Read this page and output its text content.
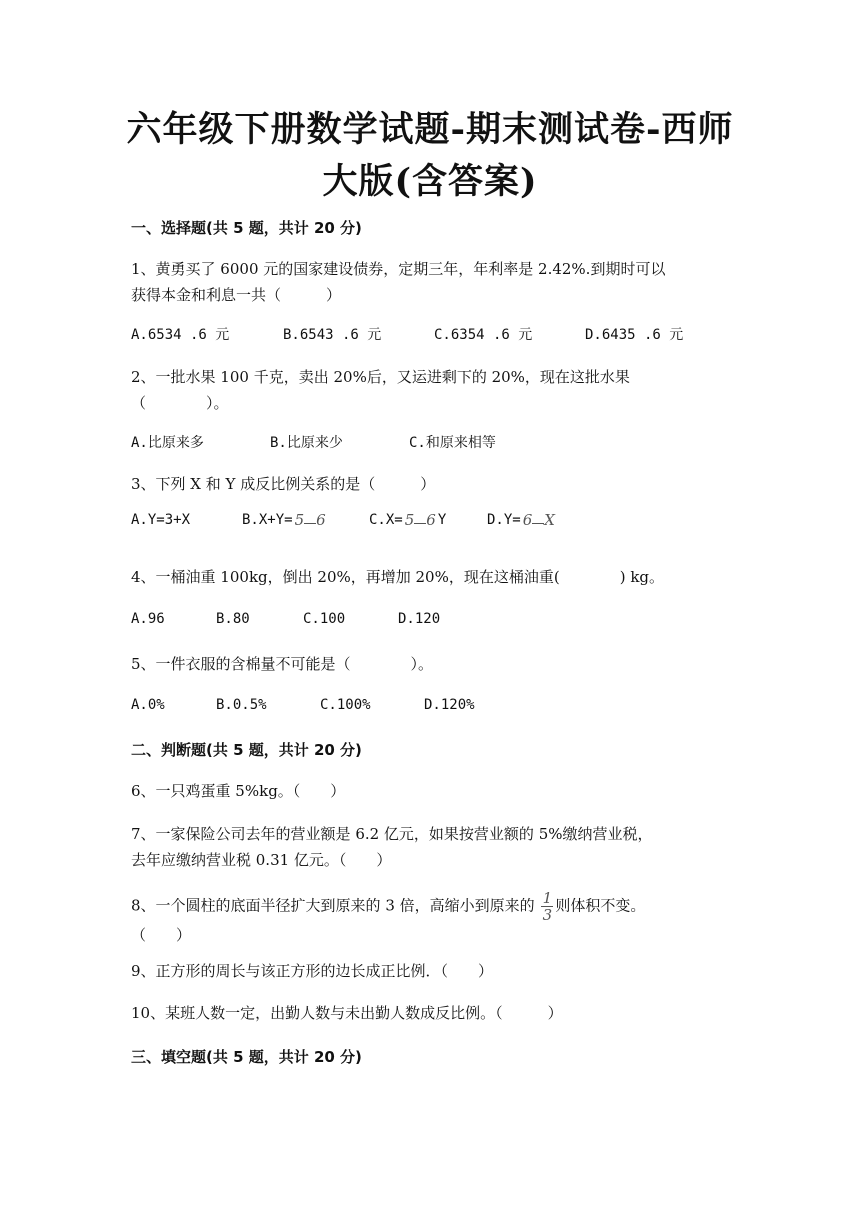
六年级下册数学试题-期末测试卷-西师
大版(含答案)
一、选择题(共 5 题，共计 20 分)
1、黄勇买了 6000 元的国家建设债券，定期三年，年利率是 2.42%.到期时可以
获得本金和利息一共（　　　）
A.6534 .6 元	B.6543 .6 元	C.6354 .6 元	D.6435 .6 元
2、一批水果 100 千克，卖出 20%后，又运进剩下的 20%，现在这批水果
（　　　　）。
A.比原来多	B.比原来少	C.和原来相等
3、下列 X 和 Y 成反比例关系的是（　　　）
A.Y=3+X	B.X+Y= 5 6	C.X= 5 6 Y	D.Y= 6 X
4、一桶油重 100kg，倒出 20%，再增加 20%，现在这桶油重(　　　　) kg。
A.96	B.80	C.100	D.120
5、一件衣服的含棉量不可能是（　　　　）。
A.0%	B.0.5%	C.100%	D.120%
二、判断题(共 5 题，共计 20 分)
6、一只鸡蛋重 5%kg。（　　）
7、一家保险公司去年的营业额是 6.2 亿元，如果按营业额的 5%缴纳营业税，
去年应缴纳营业税 0.31 亿元。（　　）
8、一个圆柱的底面半径扩大到原来的 3 倍，高缩小到原来的 $\frac{1}{3}$ 则体积不变。
（　　）
9、正方形的周长与该正方形的边长成正比例．（　　）
10、某班人数一定，出勤人数与未出勤人数成反比例。（　　　）
三、填空题(共 5 题，共计 20 分)
